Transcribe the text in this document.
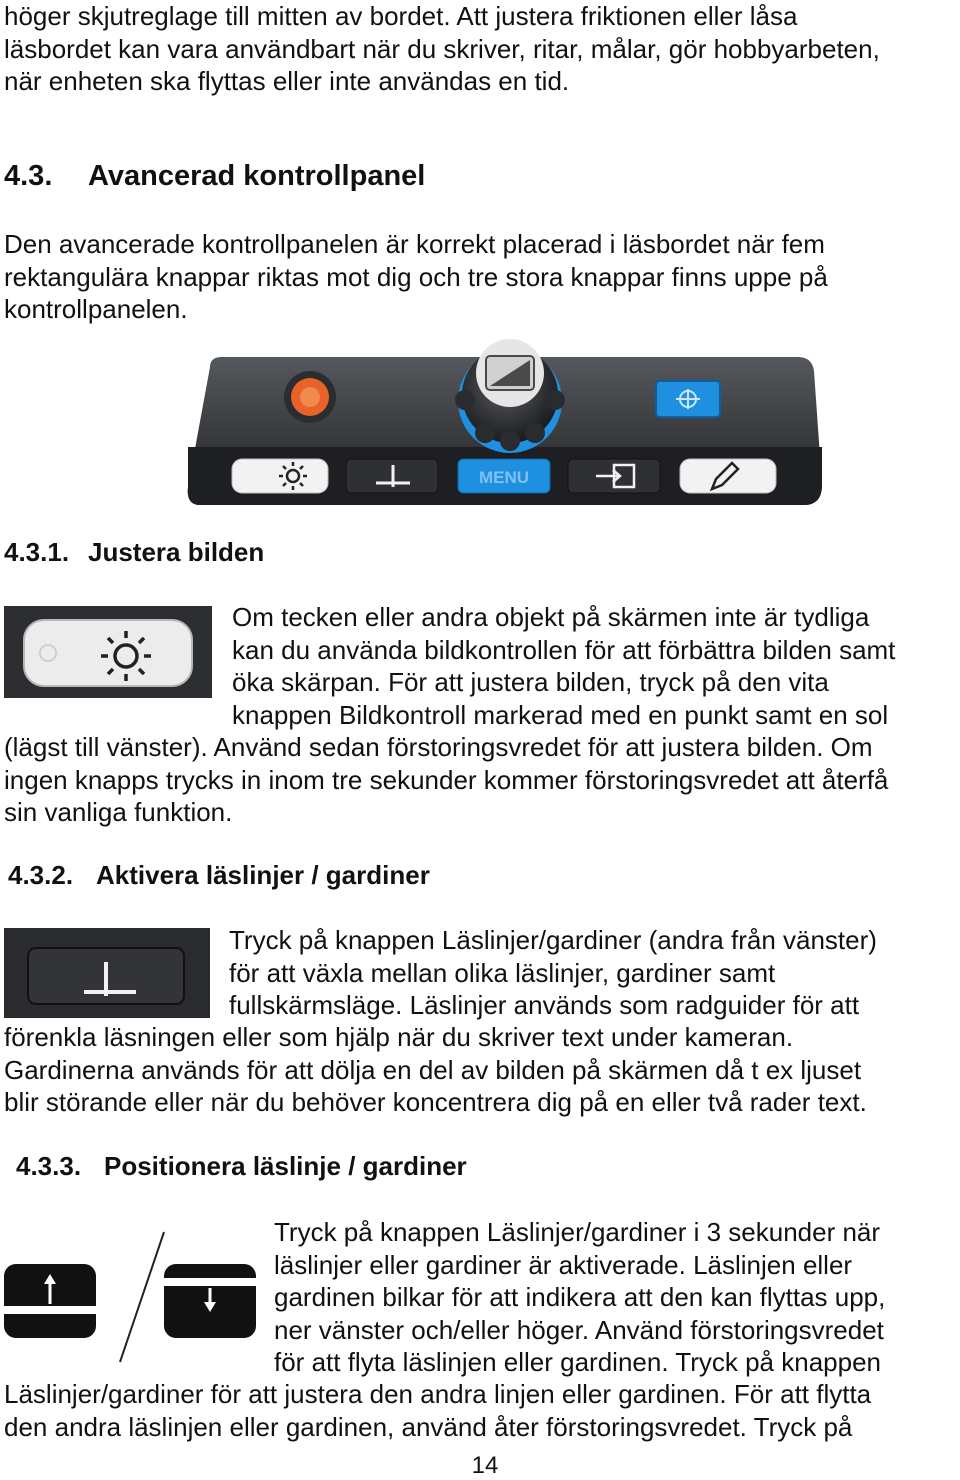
höger skjutreglage till mitten av bordet. Att justera friktionen eller låsa
läsbordet kan vara användbart när du skriver, ritar, målar, gör hobbyarbeten,
när enheten ska flyttas eller inte användas en tid.

4.3. Avancerad kontrollpanel

Den avancerade kontrollpanelen är korrekt placerad i läsbordet när fem
rektangulära knappar riktas mot dig och tre stora knappar finns uppe på
kontrollpanelen.

MENU
4.3.1. Justera bilden

Om tecken eller andra objekt på skärmen inte är tydliga
kan du använda bildkontrollen för att förbättra bilden samt
öka skärpan. För att justera bilden, tryck på den vita
knappen Bildkontroll markerad med en punkt samt en sol

(lägst till vänster). Använd sedan förstoringsvredet för att justera bilden. Om
ingen knapps trycks in inom tre sekunder kommer förstoringsvredet att återfå
sin vanliga funktion.

4.3.2. Aktivera läslinjer / gardiner

Tryck på knappen Läslinjer/gardiner (andra från vänster)
för att växla mellan olika läslinjer, gardiner samt
fullskärmsläge. Läslinjer används som radguider för att

förenkla läsningen eller som hjälp när du skriver text under kameran.
Gardinerna används för att dölja en del av bilden på skärmen då t ex ljuset
blir störande eller när du behöver koncentrera dig på en eller två rader text.

4.3.3. Positionera läslinje / gardiner

Tryck på knappen Läslinjer/gardiner i 3 sekunder när
läslinjer eller gardiner är aktiverade. Läslinjen eller
gardinen bilkar för att indikera att den kan flyttas upp,
ner vänster och/eller höger. Använd förstoringsvredet
för att flyta läslinjen eller gardinen. Tryck på knappen

Läslinjer/gardiner för att justera den andra linjen eller gardinen. För att flytta
den andra läslinjen eller gardinen, använd åter förstoringsvredet. Tryck på

14
